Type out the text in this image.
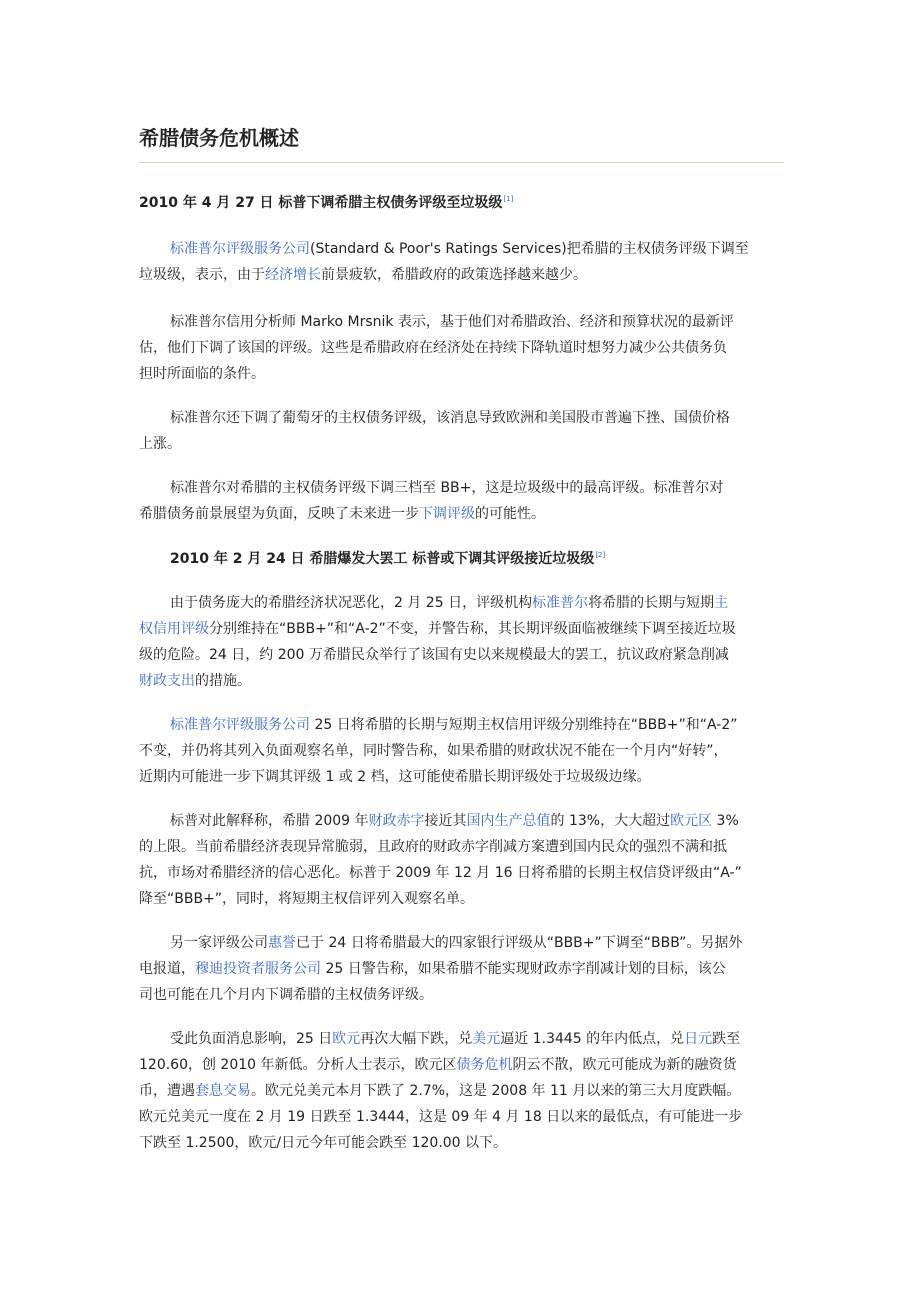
希腊债务危机概述
2010 年 4 月 27 日 标普下调希腊主权债务评级至垃圾级[1]
标准普尔评级服务公司(Standard & Poor's Ratings Services)把希腊的主权债务评级下调至
垃圾级，表示，由于经济增长前景疲软，希腊政府的政策选择越来越少。
标准普尔信用分析师 Marko Mrsnik 表示，基于他们对希腊政治、经济和预算状况的最新评
估，他们下调了该国的评级。这些是希腊政府在经济处在持续下降轨道时想努力减少公共债务负
担时所面临的条件。
标准普尔还下调了葡萄牙的主权债务评级，该消息导致欧洲和美国股市普遍下挫、国债价格
上涨。
标准普尔对希腊的主权债务评级下调三档至 BB+，这是垃圾级中的最高评级。标准普尔对
希腊债务前景展望为负面，反映了未来进一步下调评级的可能性。
2010 年 2 月 24 日 希腊爆发大罢工 标普或下调其评级接近垃圾级[2]
由于债务庞大的希腊经济状况恶化，2 月 25 日，评级机构标准普尔将希腊的长期与短期主
权信用评级分别维持在“BBB+”和“A-2”不变，并警告称，其长期评级面临被继续下调至接近垃圾
级的危险。24 日，约 200 万希腊民众举行了该国有史以来规模最大的罢工，抗议政府紧急削减
财政支出的措施。
标准普尔评级服务公司 25 日将希腊的长期与短期主权信用评级分别维持在“BBB+”和“A-2”
不变，并仍将其列入负面观察名单，同时警告称，如果希腊的财政状况不能在一个月内“好转”，
近期内可能进一步下调其评级 1 或 2 档，这可能使希腊长期评级处于垃圾级边缘。
标普对此解释称，希腊 2009 年财政赤字接近其国内生产总值的 13%，大大超过欧元区 3%
的上限。当前希腊经济表现异常脆弱，且政府的财政赤字削减方案遭到国内民众的强烈不满和抵
抗，市场对希腊经济的信心恶化。标普于 2009 年 12 月 16 日将希腊的长期主权信贷评级由“A-”
降至“BBB+”，同时，将短期主权信评列入观察名单。
另一家评级公司惠誉已于 24 日将希腊最大的四家银行评级从“BBB+”下调至“BBB”。另据外
电报道，穆迪投资者服务公司 25 日警告称，如果希腊不能实现财政赤字削减计划的目标，该公
司也可能在几个月内下调希腊的主权债务评级。
受此负面消息影响，25 日欧元再次大幅下跌，兑美元逼近 1.3445 的年内低点，兑日元跌至
120.60，创 2010 年新低。分析人士表示，欧元区债务危机阴云不散，欧元可能成为新的融资货
币，遭遇套息交易。欧元兑美元本月下跌了 2.7%，这是 2008 年 11 月以来的第三大月度跌幅。
欧元兑美元一度在 2 月 19 日跌至 1.3444，这是 09 年 4 月 18 日以来的最低点，有可能进一步
下跌至 1.2500，欧元/日元今年可能会跌至 120.00 以下。
